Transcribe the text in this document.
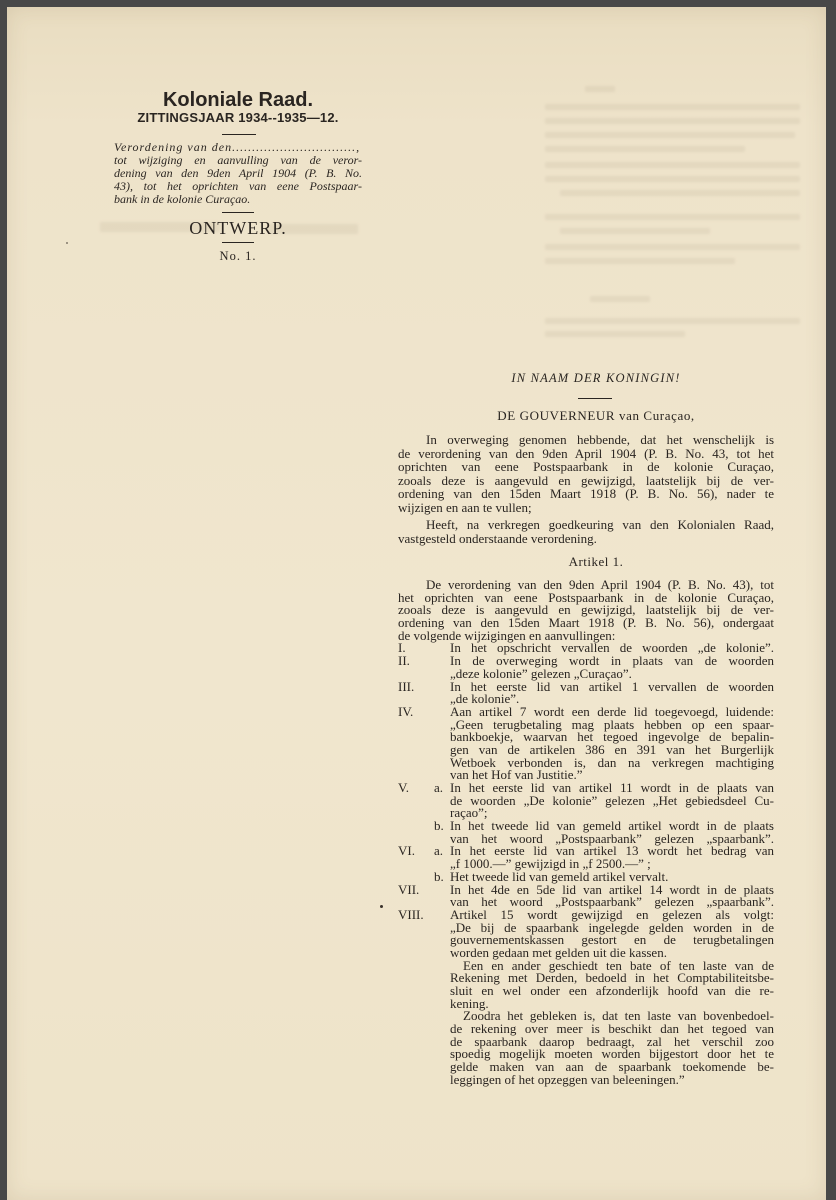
Koloniale Raad.
ZITTINGSJAAR 1934--1935—12.
Verordening van den...............................,
tot wijziging en aanvulling van de veror-
dening van den 9den April 1904 (P. B. No.
43), tot het oprichten van eene Postspaar-
bank in de kolonie Curaçao.
ONTWERP.
No. 1.
IN NAAM DER KONINGIN!
DE GOUVERNEUR van Curaçao,
In overweging genomen hebbende, dat het wenschelijk is
de verordening van den 9den April 1904 (P. B. No. 43, tot het
oprichten van eene Postspaarbank in de kolonie Curaçao,
zooals deze is aangevuld en gewijzigd, laatstelijk bij de ver-
ordening van den 15den Maart 1918 (P. B. No. 56), nader te
wijzigen en aan te vullen;
Heeft, na verkregen goedkeuring van den Kolonialen Raad,
vastgesteld onderstaande verordening.
Artikel 1.
De verordening van den 9den April 1904 (P. B. No. 43), tot
het oprichten van eene Postspaarbank in de kolonie Curaçao,
zooals deze is aangevuld en gewijzigd, laatstelijk bij de ver-
ordening van den 15den Maart 1918 (P. B. No. 56), ondergaat
de volgende wijzigingen en aanvullingen:
I.	In het opschricht vervallen de woorden „de kolonie”.
II.	In de overweging wordt in plaats van de woorden
„deze kolonie” gelezen „Curaçao”.
III.	In het eerste lid van artikel 1 vervallen de woorden
„de kolonie”.
IV.	Aan artikel 7 wordt een derde lid toegevoegd, luidende:
„Geen terugbetaling mag plaats hebben op een spaar-
bankboekje, waarvan het tegoed ingevolge de bepalin-
gen van de artikelen 386 en 391 van het Burgerlijk
Wetboek verbonden is, dan na verkregen machtiging
van het Hof van Justitie.”
V. a. In het eerste lid van artikel 11 wordt in de plaats van
de woorden „De kolonie” gelezen „Het gebiedsdeel Cu-
raçao”;
b. In het tweede lid van gemeld artikel wordt in de plaats
van het woord „Postspaarbank” gelezen „spaarbank”.
VI. a. In het eerste lid van artikel 13 wordt het bedrag van
„f 1000.—” gewijzigd in „f 2500.—” ;
b. Het tweede lid van gemeld artikel vervalt.
VII. In het 4de en 5de lid van artikel 14 wordt in de plaats
van het woord „Postspaarbank” gelezen „spaarbank”.
VIII. Artikel 15 wordt gewijzigd en gelezen als volgt:
„De bij de spaarbank ingelegde gelden worden in de
gouvernementskassen gestort en de terugbetalingen
worden gedaan met gelden uit die kassen.
Een en ander geschiedt ten bate of ten laste van de
Rekening met Derden, bedoeld in het Comptabiliteitsbe-
sluit en wel onder een afzonderlijk hoofd van die re-
kening.
Zoodra het gebleken is, dat ten laste van bovenbedoel-
de rekening over meer is beschikt dan het tegoed van
de spaarbank daarop bedraagt, zal het verschil zoo
spoedig mogelijk moeten worden bijgestort door het te
gelde maken van aan de spaarbank toekomende be-
leggingen of het opzeggen van beleeningen.”
